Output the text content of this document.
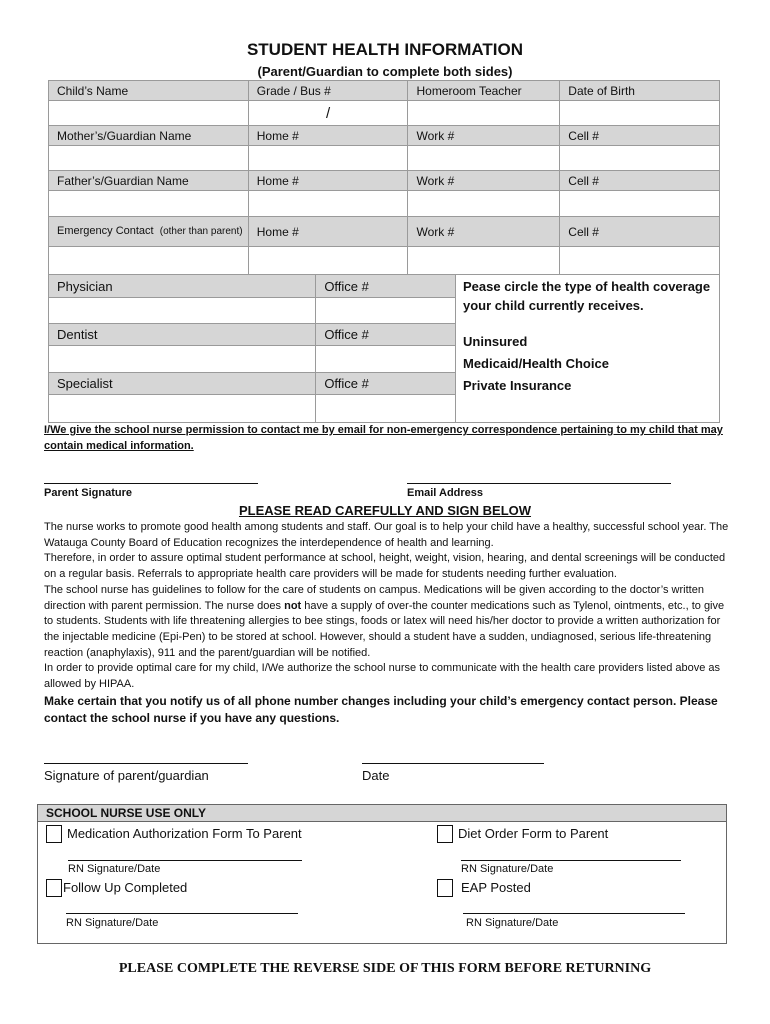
STUDENT HEALTH INFORMATION
(Parent/Guardian to complete both sides)
Child’s Name	Grade / Bus #	Homeroom Teacher	Date of Birth
	/		
Mother’s/Guardian Name	Home #	Work #	Cell #

Father’s/Guardian Name	Home #	Work #	Cell #

Emergency Contact (other than parent)	Home #	Work #	Cell #

Physician	Office #

Dentist	Office #

Specialist	Office #

Pease circle the type of health coverage your child currently receives.
Uninsured
Medicaid/Health Choice
Private Insurance
I/We give the school nurse permission to contact me by email for non-emergency correspondence pertaining to my child that may contain medical information.
Parent Signature	Email Address
PLEASE READ CAREFULLY AND SIGN BELOW
The nurse works to promote good health among students and staff. Our goal is to help your child have a healthy, successful school year. The Watauga County Board of Education recognizes the interdependence of health and learning.
Therefore, in order to assure optimal student performance at school, height, weight, vision, hearing, and dental screenings will be conducted on a regular basis. Referrals to appropriate health care providers will be made for students needing further evaluation.
The school nurse has guidelines to follow for the care of students on campus. Medications will be given according to the doctor’s written direction with parent permission. The nurse does not have a supply of over-the counter medications such as Tylenol, ointments, etc., to give to students. Students with life threatening allergies to bee stings, foods or latex will need his/her doctor to provide a written authorization for the injectable medicine (Epi-Pen) to be stored at school. However, should a student have a sudden, undiagnosed, serious life-threatening reaction (anaphylaxis), 911 and the parent/guardian will be notified.
In order to provide optimal care for my child, I/We authorize the school nurse to communicate with the health care providers listed above as allowed by HIPAA.
Make certain that you notify us of all phone number changes including your child’s emergency contact person. Please contact the school nurse if you have any questions.
Signature of parent/guardian	Date
SCHOOL NURSE USE ONLY
Medication Authorization Form To Parent	Diet Order Form to Parent
RN Signature/Date	RN Signature/Date
Follow Up Completed	EAP Posted
RN Signature/Date	RN Signature/Date
PLEASE COMPLETE THE REVERSE SIDE OF THIS FORM BEFORE RETURNING
